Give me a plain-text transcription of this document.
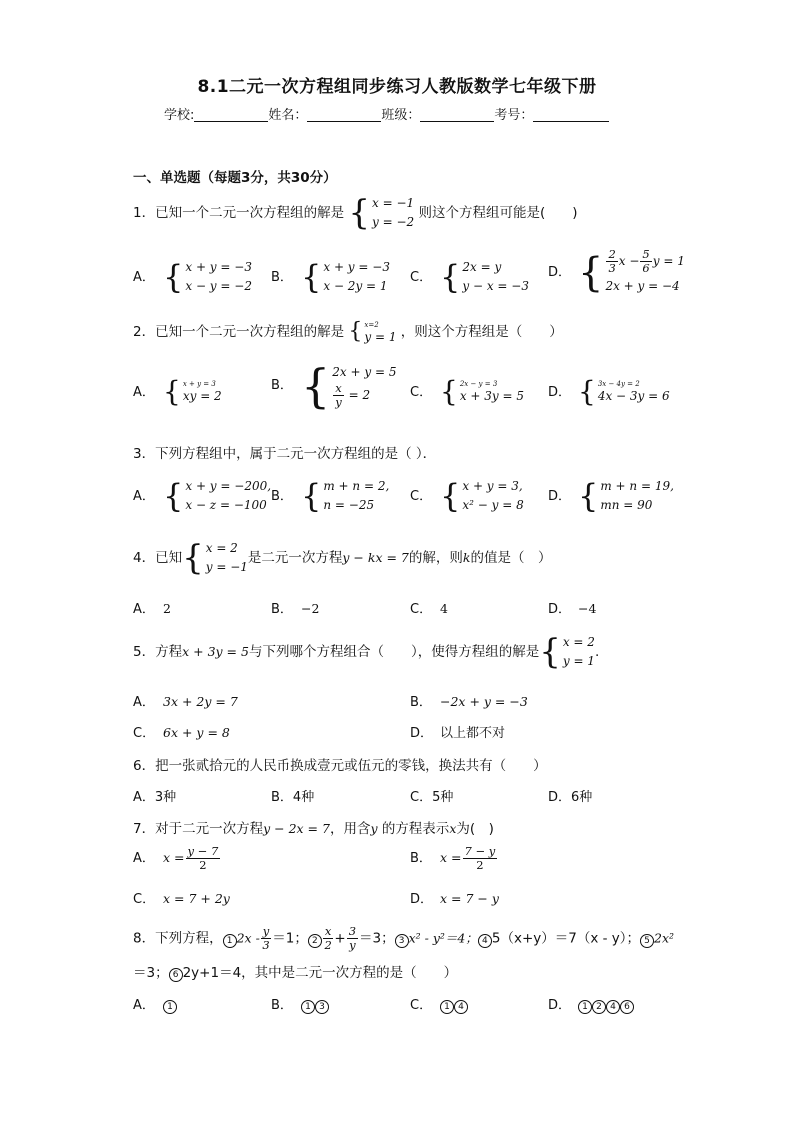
8.1二元一次方程组同步练习人教版数学七年级下册
学校:	姓名：	班级：	考号：
一、单选题（每题3分，共30分）
1．已知一个二元一次方程组的解是 { x = −1
y = −2
则这个方程组可能是(　　)
A． { x + y = −3
x − y = −2
B． { x + y = −3
x − 2y = 1
C． { 2x = y
y − x = −3
D． { $\frac{2}{3}$ $x - \frac{5}{6}$ y = 1
2x + y = −4
2．已知一个二元一次方程组的解是 { x=2
y = 1 ，则这个方程组是（　　）
A． { x + y = 3
xy = 2
B． { 2x + y = 5
$\frac{x}{y} = 2$	C． { 2x − y = 3
x + 3y = 5 D． { 3x − 4y = 2
4x − 3y = 6
3．下列方程组中，属于二元一次方程组的是（ ）．
A． { x + y = −200,
x − z = −100
B． { m + n = 2,
n = −25
C． { x + y = 3,
x² − y = 8
D． { m + n = 19,
mn = 90
4．已知 { x = 2
y = −1
是二元一次方程y − kx = 7的解，则k的值是（　）
A． 2	B． −2	C． 4	D． −4
5．方程x + 3y = 5与下列哪个方程组合（　　），使得方程组的解是 { x = 2
y = 1
.
A． 3x + 2y = 7	B． −2x + y = −3
C． 6x + y = 8	D． 以上都不对
6．把一张贰拾元的人民币换成壹元或伍元的零钱，换法共有（　　）
A．3种	B．4种	C．5种	D．6种
7．对于二元一次方程y − 2x = 7，用含y 的方程表示x为(　)
A． $x = \frac{y - 7}{2}$	B． $x = \frac{7 - y}{2}$
C． x = 7 + 2y	D． x = 7 − y
8．下列方程， 1 $2x - \frac{y}{3} =1$； $2 \frac{x}{2} + \frac{3}{y} =3$； 3 x² - y²＝4； 4 5（x+y）＝7（x - y）； 5 2x²
＝3； 6 2y+1＝4，其中是二元一次方程的是（　　）
A． 1	B． 1 3	C． 1 4	D． 1 2 4 6
